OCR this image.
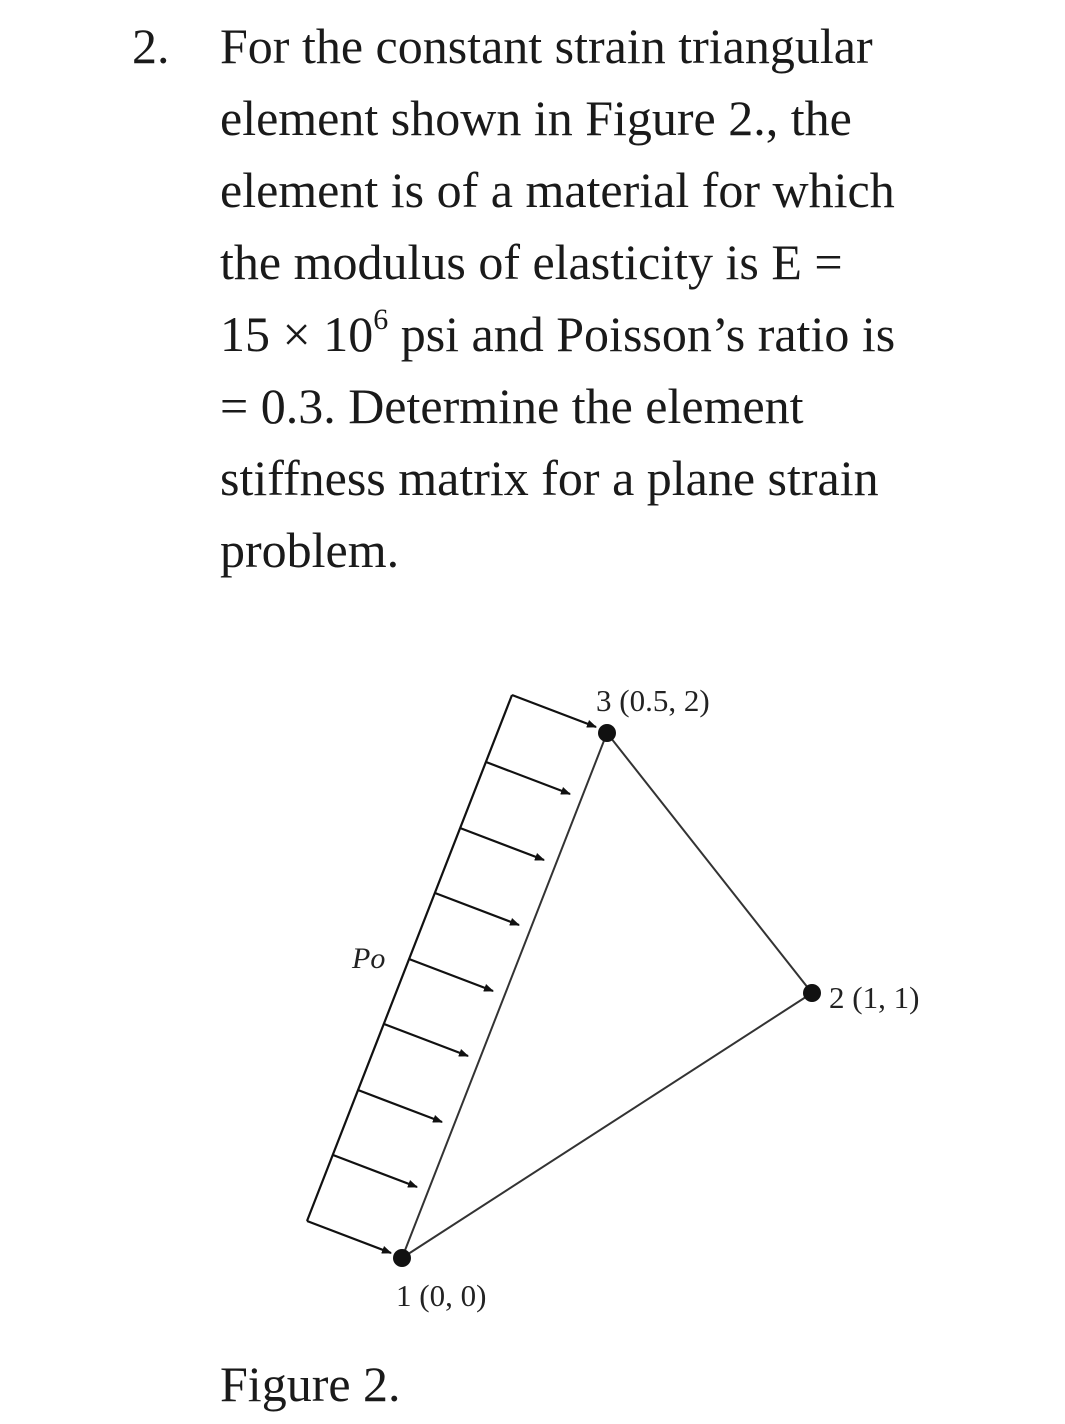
2. For the constant strain triangular
element shown in Figure 2., the
element is of a material for which
the modulus of elasticity is E =
$15 \times 10^6$ psi and Poisson’s ratio is
= 0.3. Determine the element
stiffness matrix for a plane strain
problem.
Po
3 (0.5, 2)
2 (1, 1)
1 (0, 0)
Figure 2.
